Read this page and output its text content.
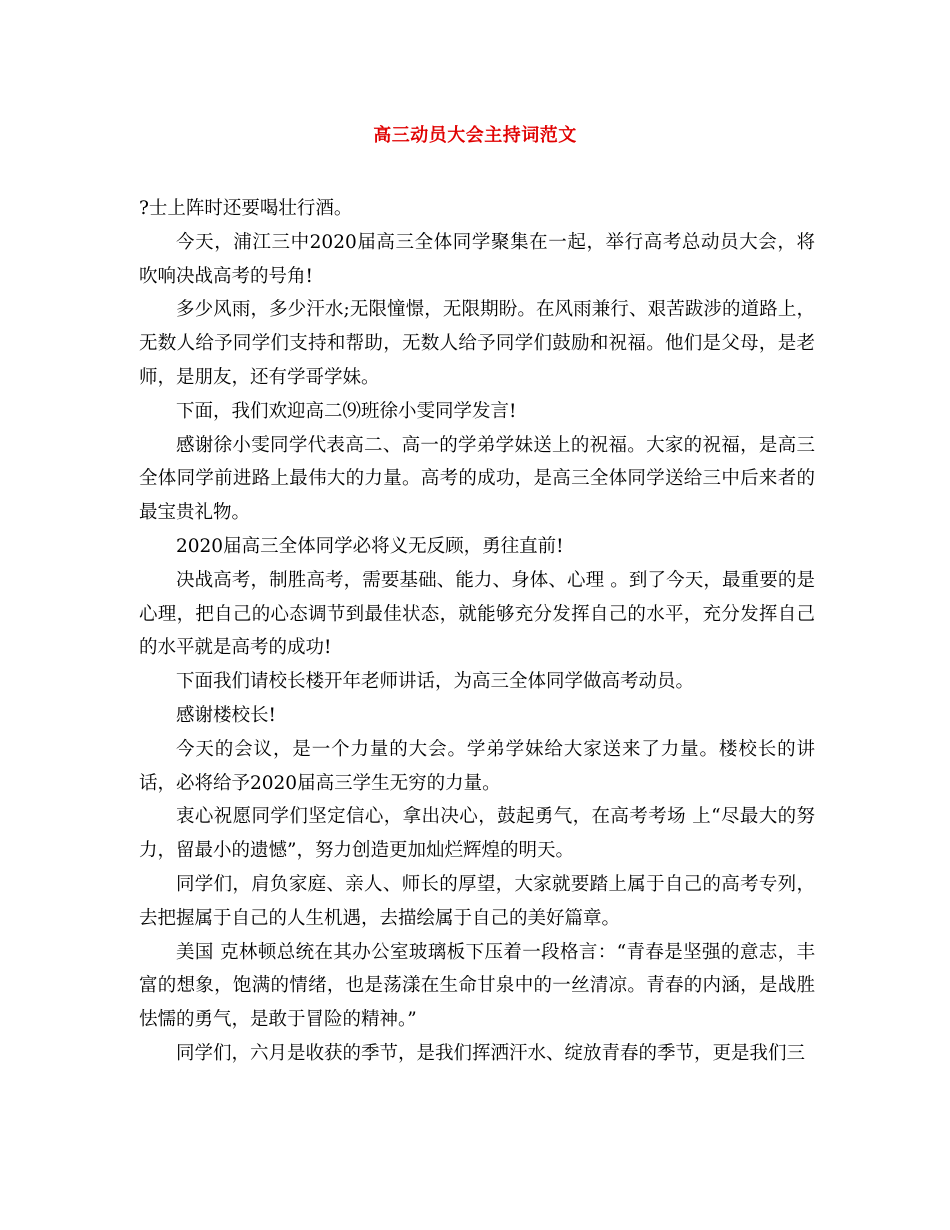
高三动员大会主持词范文

?士上阵时还要喝壮行酒。

今天，浦江三中2020届高三全体同学聚集在一起，举行高考总动员大会，将吹响决战高考的号角!

多少风雨，多少汗水;无限憧憬，无限期盼。在风雨兼行、艰苦跋涉的道路上，无数人给予同学们支持和帮助，无数人给予同学们鼓励和祝福。他们是父母，是老师，是朋友，还有学哥学妹。

下面，我们欢迎高二⑼班徐小雯同学发言!

感谢徐小雯同学代表高二、高一的学弟学妹送上的祝福。大家的祝福，是高三全体同学前进路上最伟大的力量。高考的成功，是高三全体同学送给三中后来者的最宝贵礼物。

2020届高三全体同学必将义无反顾，勇往直前!

决战高考，制胜高考，需要基础、能力、身体、心理 。到了今天，最重要的是心理，把自己的心态调节到最佳状态，就能够充分发挥自己的水平，充分发挥自己的水平就是高考的成功!

下面我们请校长楼开年老师讲话，为高三全体同学做高考动员。

感谢楼校长!

今天的会议，是一个力量的大会。学弟学妹给大家送来了力量。楼校长的讲话，必将给予2020届高三学生无穷的力量。

衷心祝愿同学们坚定信心，拿出决心，鼓起勇气，在高考考场 上“尽最大的努力，留最小的遗憾”，努力创造更加灿烂辉煌的明天。

同学们，肩负家庭、亲人、师长的厚望，大家就要踏上属于自己的高考专列，去把握属于自己的人生机遇，去描绘属于自己的美好篇章。

美国 克林顿总统在其办公室玻璃板下压着一段格言：“青春是坚强的意志，丰富的想象，饱满的情绪，也是荡漾在生命甘泉中的一丝清凉。青春的内涵，是战胜怯懦的勇气，是敢于冒险的精神。”

同学们，六月是收获的季节，是我们挥洒汗水、绽放青春的季节，更是我们三
